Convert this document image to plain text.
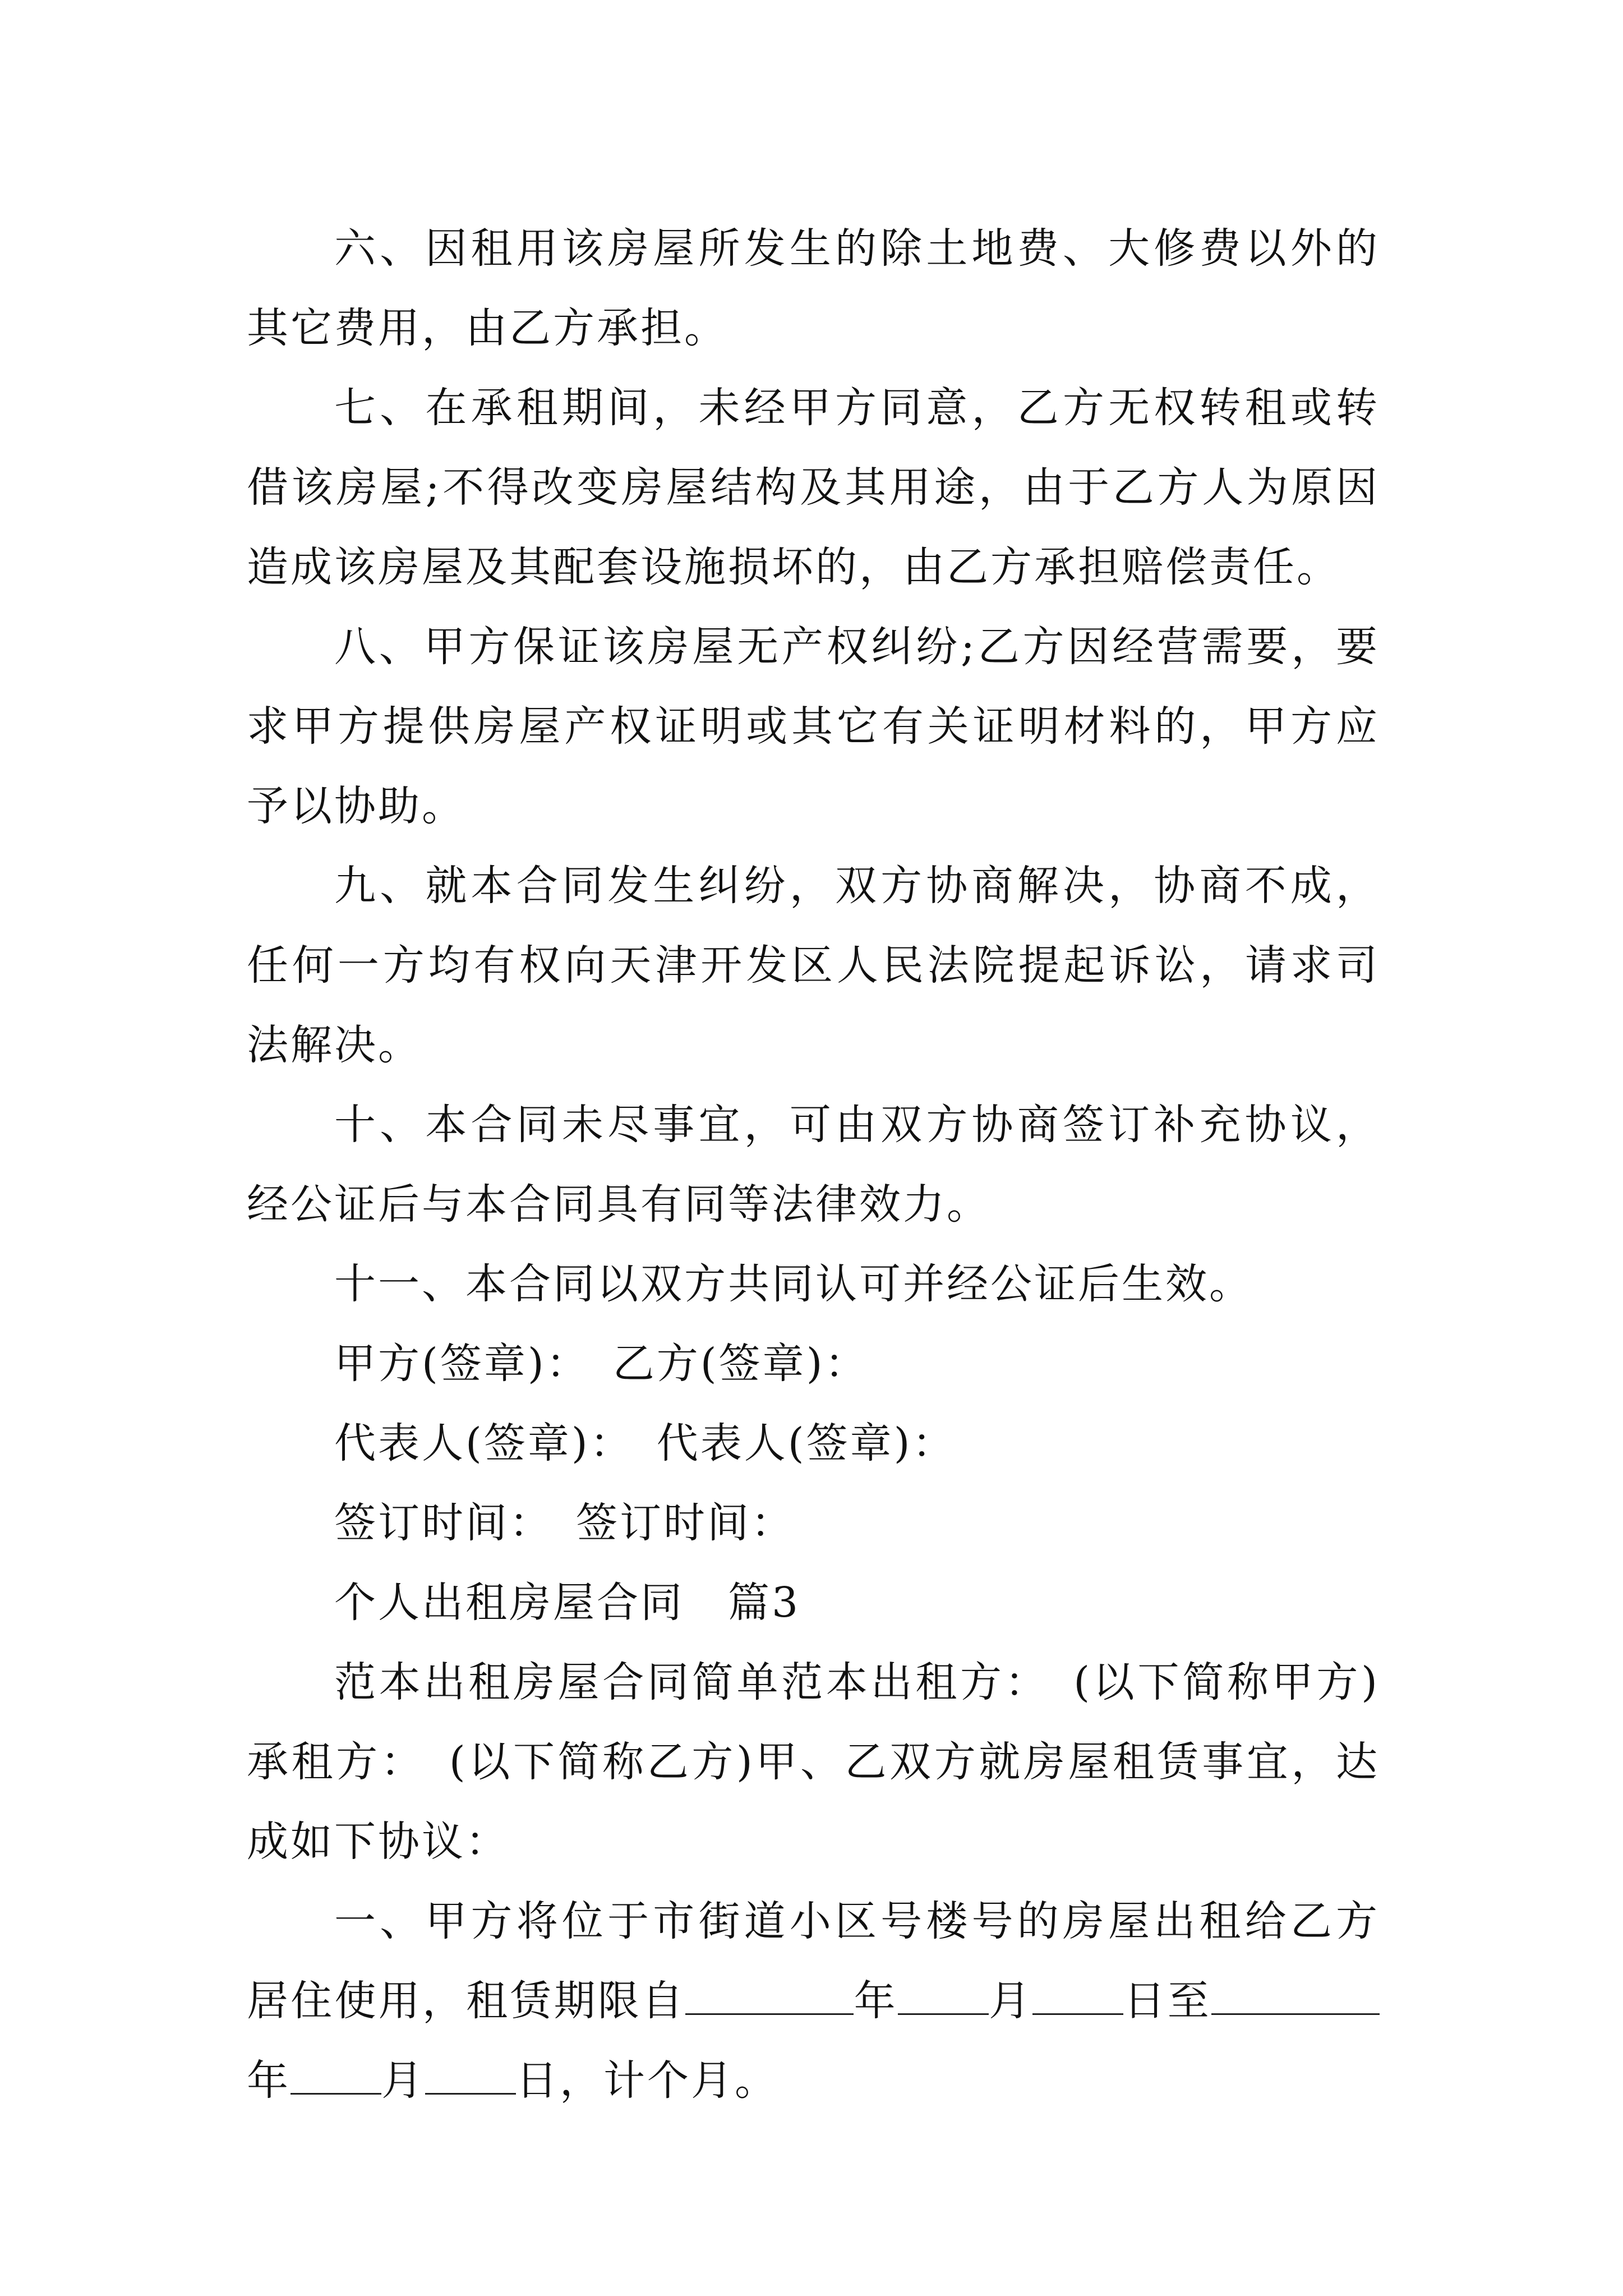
六、因租用该房屋所发生的除土地费、大修费以外的其它费用，由乙方承担。

七、在承租期间，未经甲方同意，乙方无权转租或转借该房屋;不得改变房屋结构及其用途，由于乙方人为原因造成该房屋及其配套设施损坏的，由乙方承担赔偿责任。

八、甲方保证该房屋无产权纠纷;乙方因经营需要，要求甲方提供房屋产权证明或其它有关证明材料的，甲方应予以协助。

九、就本合同发生纠纷，双方协商解决，协商不成，任何一方均有权向天津开发区人民法院提起诉讼，请求司法解决。

十、本合同未尽事宜，可由双方协商签订补充协议，经公证后与本合同具有同等法律效力。

十一、本合同以双方共同认可并经公证后生效。

甲方(签章)：　乙方(签章)：

代表人(签章)：　代表人(签章)：

签订时间：　签订时间：

个人出租房屋合同　篇3

范本出租房屋合同简单范本出租方：　(以下简称甲方)承租方：　(以下简称乙方)甲、乙双方就房屋租赁事宜，达成如下协议：

一、甲方将位于市街道小区号楼号的房屋出租给乙方居住使用，租赁期限自	年 月 日至年 月 日，计个月。
